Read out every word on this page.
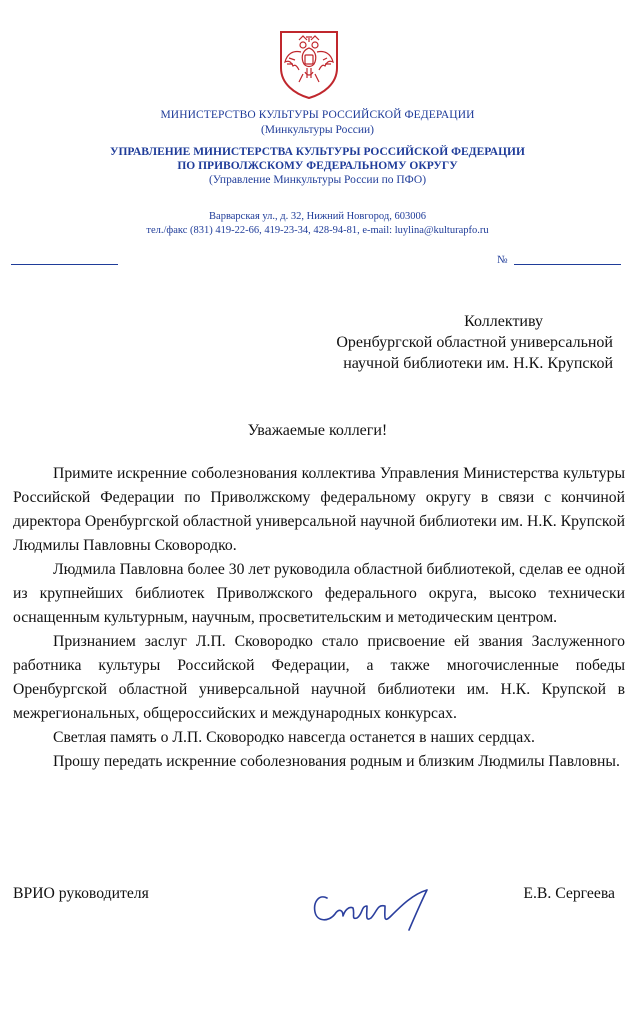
МИНИСТЕРСТВО КУЛЬТУРЫ РОССИЙСКОЙ ФЕДЕРАЦИИ
(Минкультуры России)
УПРАВЛЕНИЕ МИНИСТЕРСТВА КУЛЬТУРЫ РОССИЙСКОЙ ФЕДЕРАЦИИ
ПО ПРИВОЛЖСКОМУ ФЕДЕРАЛЬНОМУ ОКРУГУ
(Управление Минкультуры России по ПФО)
Варварская ул., д. 32, Нижний Новгород, 603006
тел./факс (831) 419-22-66, 419-23-34, 428-94-81, e-mail: luylina@kulturapfo.ru
№
Коллективу
Оренбургской областной универсальной
научной библиотеки им. Н.К. Крупской
Уважаемые коллеги!

Примите искренние соболезнования коллектива Управления Министерства культуры Российской Федерации по Приволжскому федеральному округу в связи с кончиной директора Оренбургской областной универсальной научной библиотеки им. Н.К. Крупской Людмилы Павловны Сковородко.

Людмила Павловна более 30 лет руководила областной библиотекой, сделав ее одной из крупнейших библиотек Приволжского федерального округа, высоко технически оснащенным культурным, научным, просветительским и методическим центром.

Признанием заслуг Л.П. Сковородко стало присвоение ей звания Заслуженного работника культуры Российской Федерации, а также многочисленные победы Оренбургской областной универсальной научной библиотеки им. Н.К. Крупской в межрегиональных, общероссийских и международных конкурсах.

Светлая память о Л.П. Сковородко навсегда останется в наших сердцах.

Прошу передать искренние соболезнования родным и близким Людмилы Павловны.

ВРИО руководителя	Е.В. Сергеева
